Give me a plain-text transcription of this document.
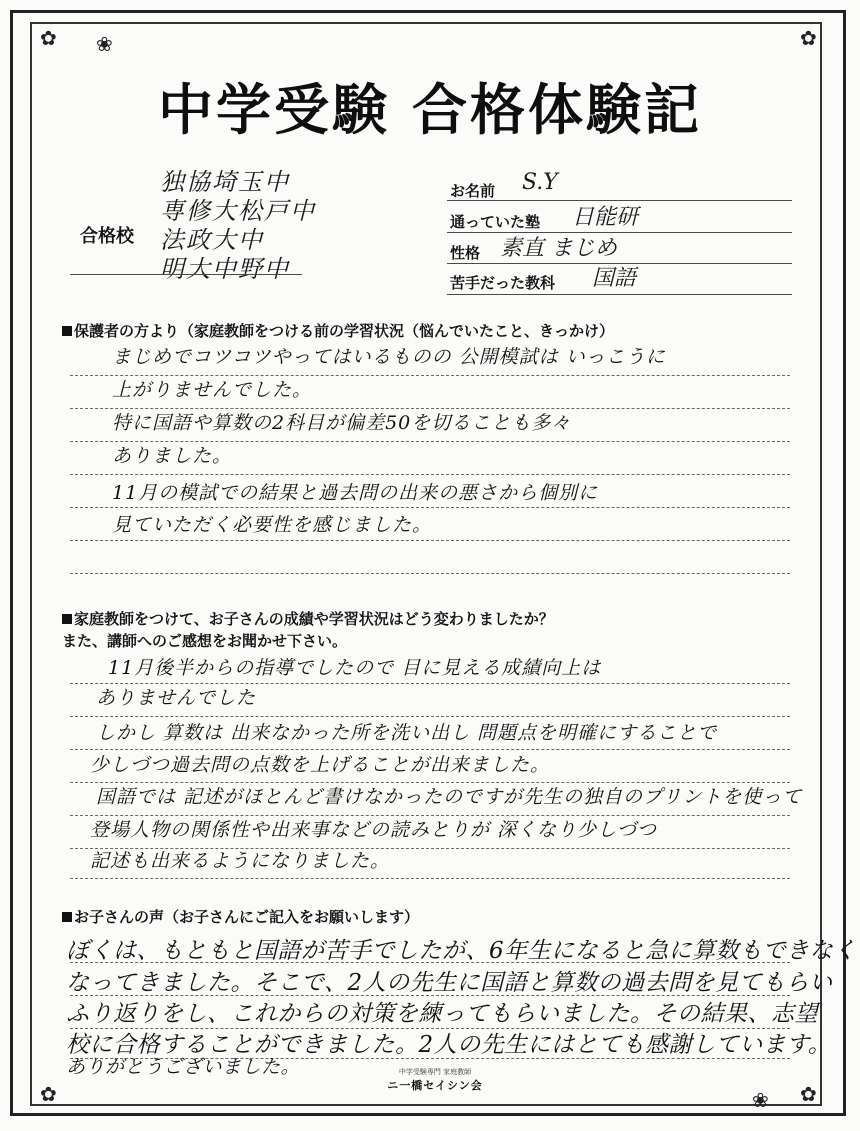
✿ ❀	✿
✿	✿
❀
中学受験 合格体験記
合格校
独協埼玉中
専修大松戸中
法政大中
明大中野中
お名前 S.Y
通っていた塾 日能研
性格 素直 まじめ
苦手だった教科 国語
保護者の方より（家庭教師をつける前の学習状況（悩んでいたこと、きっかけ）
まじめでコツコツやってはいるものの 公開模試は いっこうに
上がりませんでした。
特に国語や算数の2科目が偏差50を切ることも多々
ありました。
11月の模試での結果と過去問の出来の悪さから個別に
見ていただく必要性を感じました。
家庭教師をつけて、お子さんの成績や学習状況はどう変わりましたか？
また、講師へのご感想をお聞かせ下さい。
11月後半からの指導でしたので 目に見える成績向上は
ありませんでした
しかし 算数は 出来なかった所を洗い出し 問題点を明確にすることで
少しづつ過去問の点数を上げることが出来ました。
国語では 記述がほとんど書けなかったのですが先生の独自のプリントを使って
登場人物の関係性や出来事などの読みとりが 深くなり少しづつ
記述も出来るようになりました。
お子さんの声（お子さんにご記入をお願いします）
ぼくは、もともと国語が苦手でしたが、6年生になると急に算数もできなく
なってきました。そこで、2人の先生に国語と算数の過去問を見てもらい
ふり返りをし、これからの対策を練ってもらいました。その結果、志望
校に合格することができました。2人の先生にはとても感謝しています。
ありがとうございました。	中学受験専門 家庭教師
ニ一橋セイシン会
